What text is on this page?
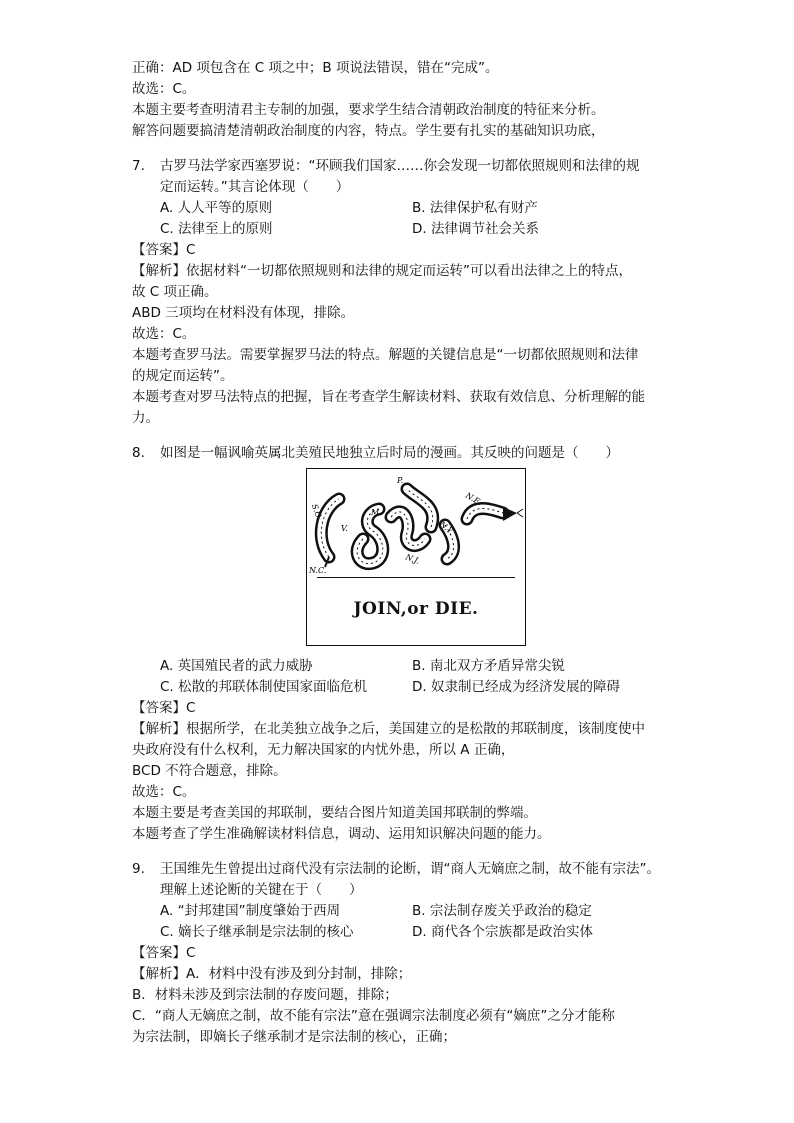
正确：AD 项包含在 C 项之中；B 项说法错误，错在“完成”。
故选：C。
本题主要考查明清君主专制的加强，要求学生结合清朝政治制度的特征来分析。
解答问题要搞清楚清朝政治制度的内容，特点。学生要有扎实的基础知识功底，
7. 古罗马法学家西塞罗说：“环顾我们国家……你会发现一切都依照规则和法律的规
定而运转。”其言论体现（　　）
A. 人人平等的原则	B. 法律保护私有财产
C. 法律至上的原则	D. 法律调节社会关系
【答案】C
【解析】依据材料“一切都依照规则和法律的规定而运转”可以看出法律之上的特点，
故 C 项正确。
ABD 三项均在材料没有体现，排除。
故选：C。
本题考查罗马法。需要掌握罗马法的特点。解题的关键信息是“一切都依照规则和法律
的规定而运转”。
本题考查对罗马法特点的把握，旨在考查学生解读材料、获取有效信息、分析理解的能
力。
8. 如图是一幅讽喻英属北美殖民地独立后时局的漫画。其反映的问题是（　　）
JOIN,or DIE.
S.C.
N.C.
V.
M.
P.
N.J.
N.Y.
N.E.
A. 英国殖民者的武力威胁	B. 南北双方矛盾异常尖锐
C. 松散的邦联体制使国家面临危机	D. 奴隶制已经成为经济发展的障碍
【答案】C
【解析】根据所学，在北美独立战争之后，美国建立的是松散的邦联制度，该制度使中
央政府没有什么权利，无力解决国家的内忧外患，所以 A 正确，
BCD 不符合题意，排除。
故选：C。
本题主要是考查美国的邦联制，要结合图片知道美国邦联制的弊端。
本题考查了学生准确解读材料信息，调动、运用知识解决问题的能力。
9. 王国维先生曾提出过商代没有宗法制的论断，谓“商人无嫡庶之制，故不能有宗法”。
理解上述论断的关键在于（　　）
A. “封邦建国”制度肇始于西周	B. 宗法制存废关乎政治的稳定
C. 嫡长子继承制是宗法制的核心	D. 商代各个宗族都是政治实体
【答案】C
【解析】A．材料中没有涉及到分封制，排除；
B．材料未涉及到宗法制的存废问题，排除；
C．“商人无嫡庶之制，故不能有宗法”意在强调宗法制度必须有“嫡庶”之分才能称
为宗法制，即嫡长子继承制才是宗法制的核心，正确；
